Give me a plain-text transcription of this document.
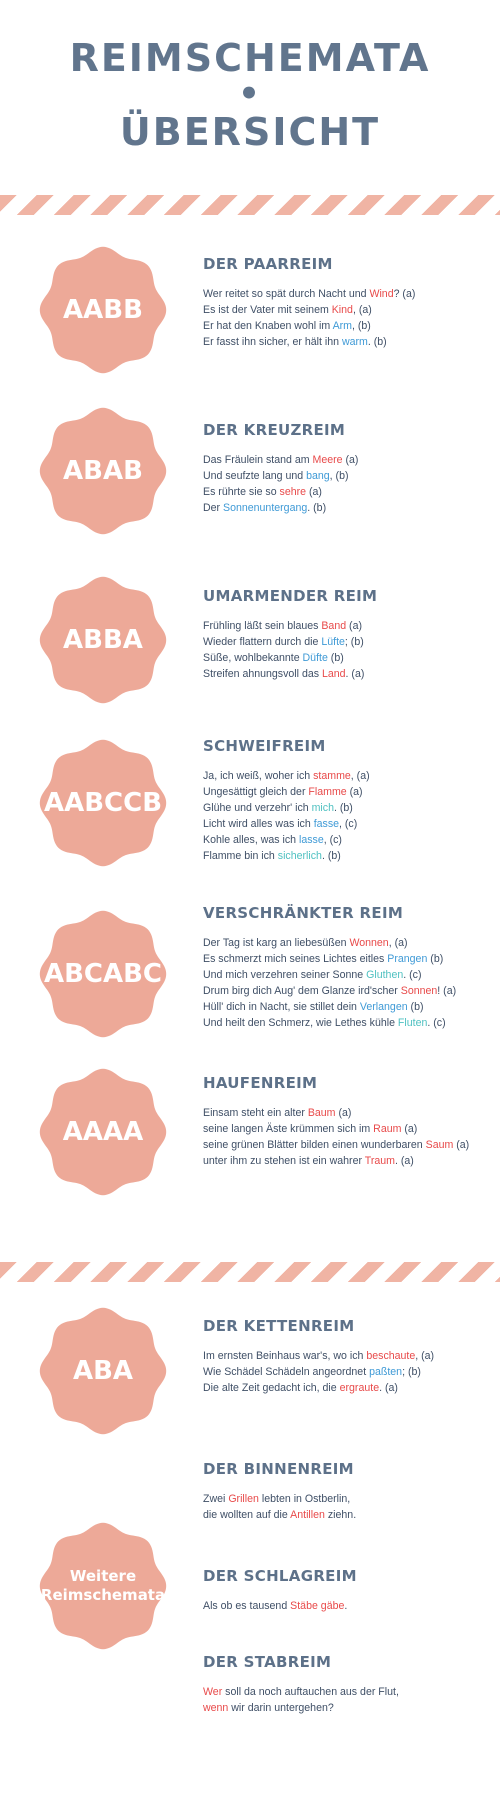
REIMSCHEMATA
•
ÜBERSICHT
AABB
ABAB
ABBA
AABCCB
ABCABC
AAAA
ABA
Weitere
Reimschemata
DER PAARREIM
Wer reitet so spät durch Nacht und Wind? (a)
Es ist der Vater mit seinem Kind, (a)
Er hat den Knaben wohl im Arm, (b)
Er fasst ihn sicher, er hält ihn warm. (b)
DER KREUZREIM
Das Fräulein stand am Meere (a)
Und seufzte lang und bang, (b)
Es rührte sie so sehre (a)
Der Sonnenuntergang. (b)
UMARMENDER REIM
Frühling läßt sein blaues Band (a)
Wieder flattern durch die Lüfte; (b)
Süße, wohlbekannte Düfte (b)
Streifen ahnungsvoll das Land. (a)
SCHWEIFREIM
Ja, ich weiß, woher ich stamme, (a)
Ungesättigt gleich der Flamme (a)
Glühe und verzehr' ich mich. (b)
Licht wird alles was ich fasse, (c)
Kohle alles, was ich lasse, (c)
Flamme bin ich sicherlich. (b)
VERSCHRÄNKTER REIM
Der Tag ist karg an liebesüßen Wonnen, (a)
Es schmerzt mich seines Lichtes eitles Prangen (b)
Und mich verzehren seiner Sonne Gluthen. (c)
Drum birg dich Aug' dem Glanze ird'scher Sonnen! (a)
Hüll' dich in Nacht, sie stillet dein Verlangen (b)
Und heilt den Schmerz, wie Lethes kühle Fluten. (c)
HAUFENREIM
Einsam steht ein alter Baum (a)
seine langen Äste krümmen sich im Raum (a)
seine grünen Blätter bilden einen wunderbaren Saum (a)
unter ihm zu stehen ist ein wahrer Traum. (a)
DER KETTENREIM
Im ernsten Beinhaus war's, wo ich beschaute, (a)
Wie Schädel Schädeln angeordnet paßten; (b)
Die alte Zeit gedacht ich, die ergraute. (a)
DER BINNENREIM
Zwei Grillen lebten in Ostberlin,
die wollten auf die Antillen ziehn.
DER SCHLAGREIM
Als ob es tausend Stäbe gäbe.
DER STABREIM
Wer soll da noch auftauchen aus der Flut,
wenn wir darin untergehen?
